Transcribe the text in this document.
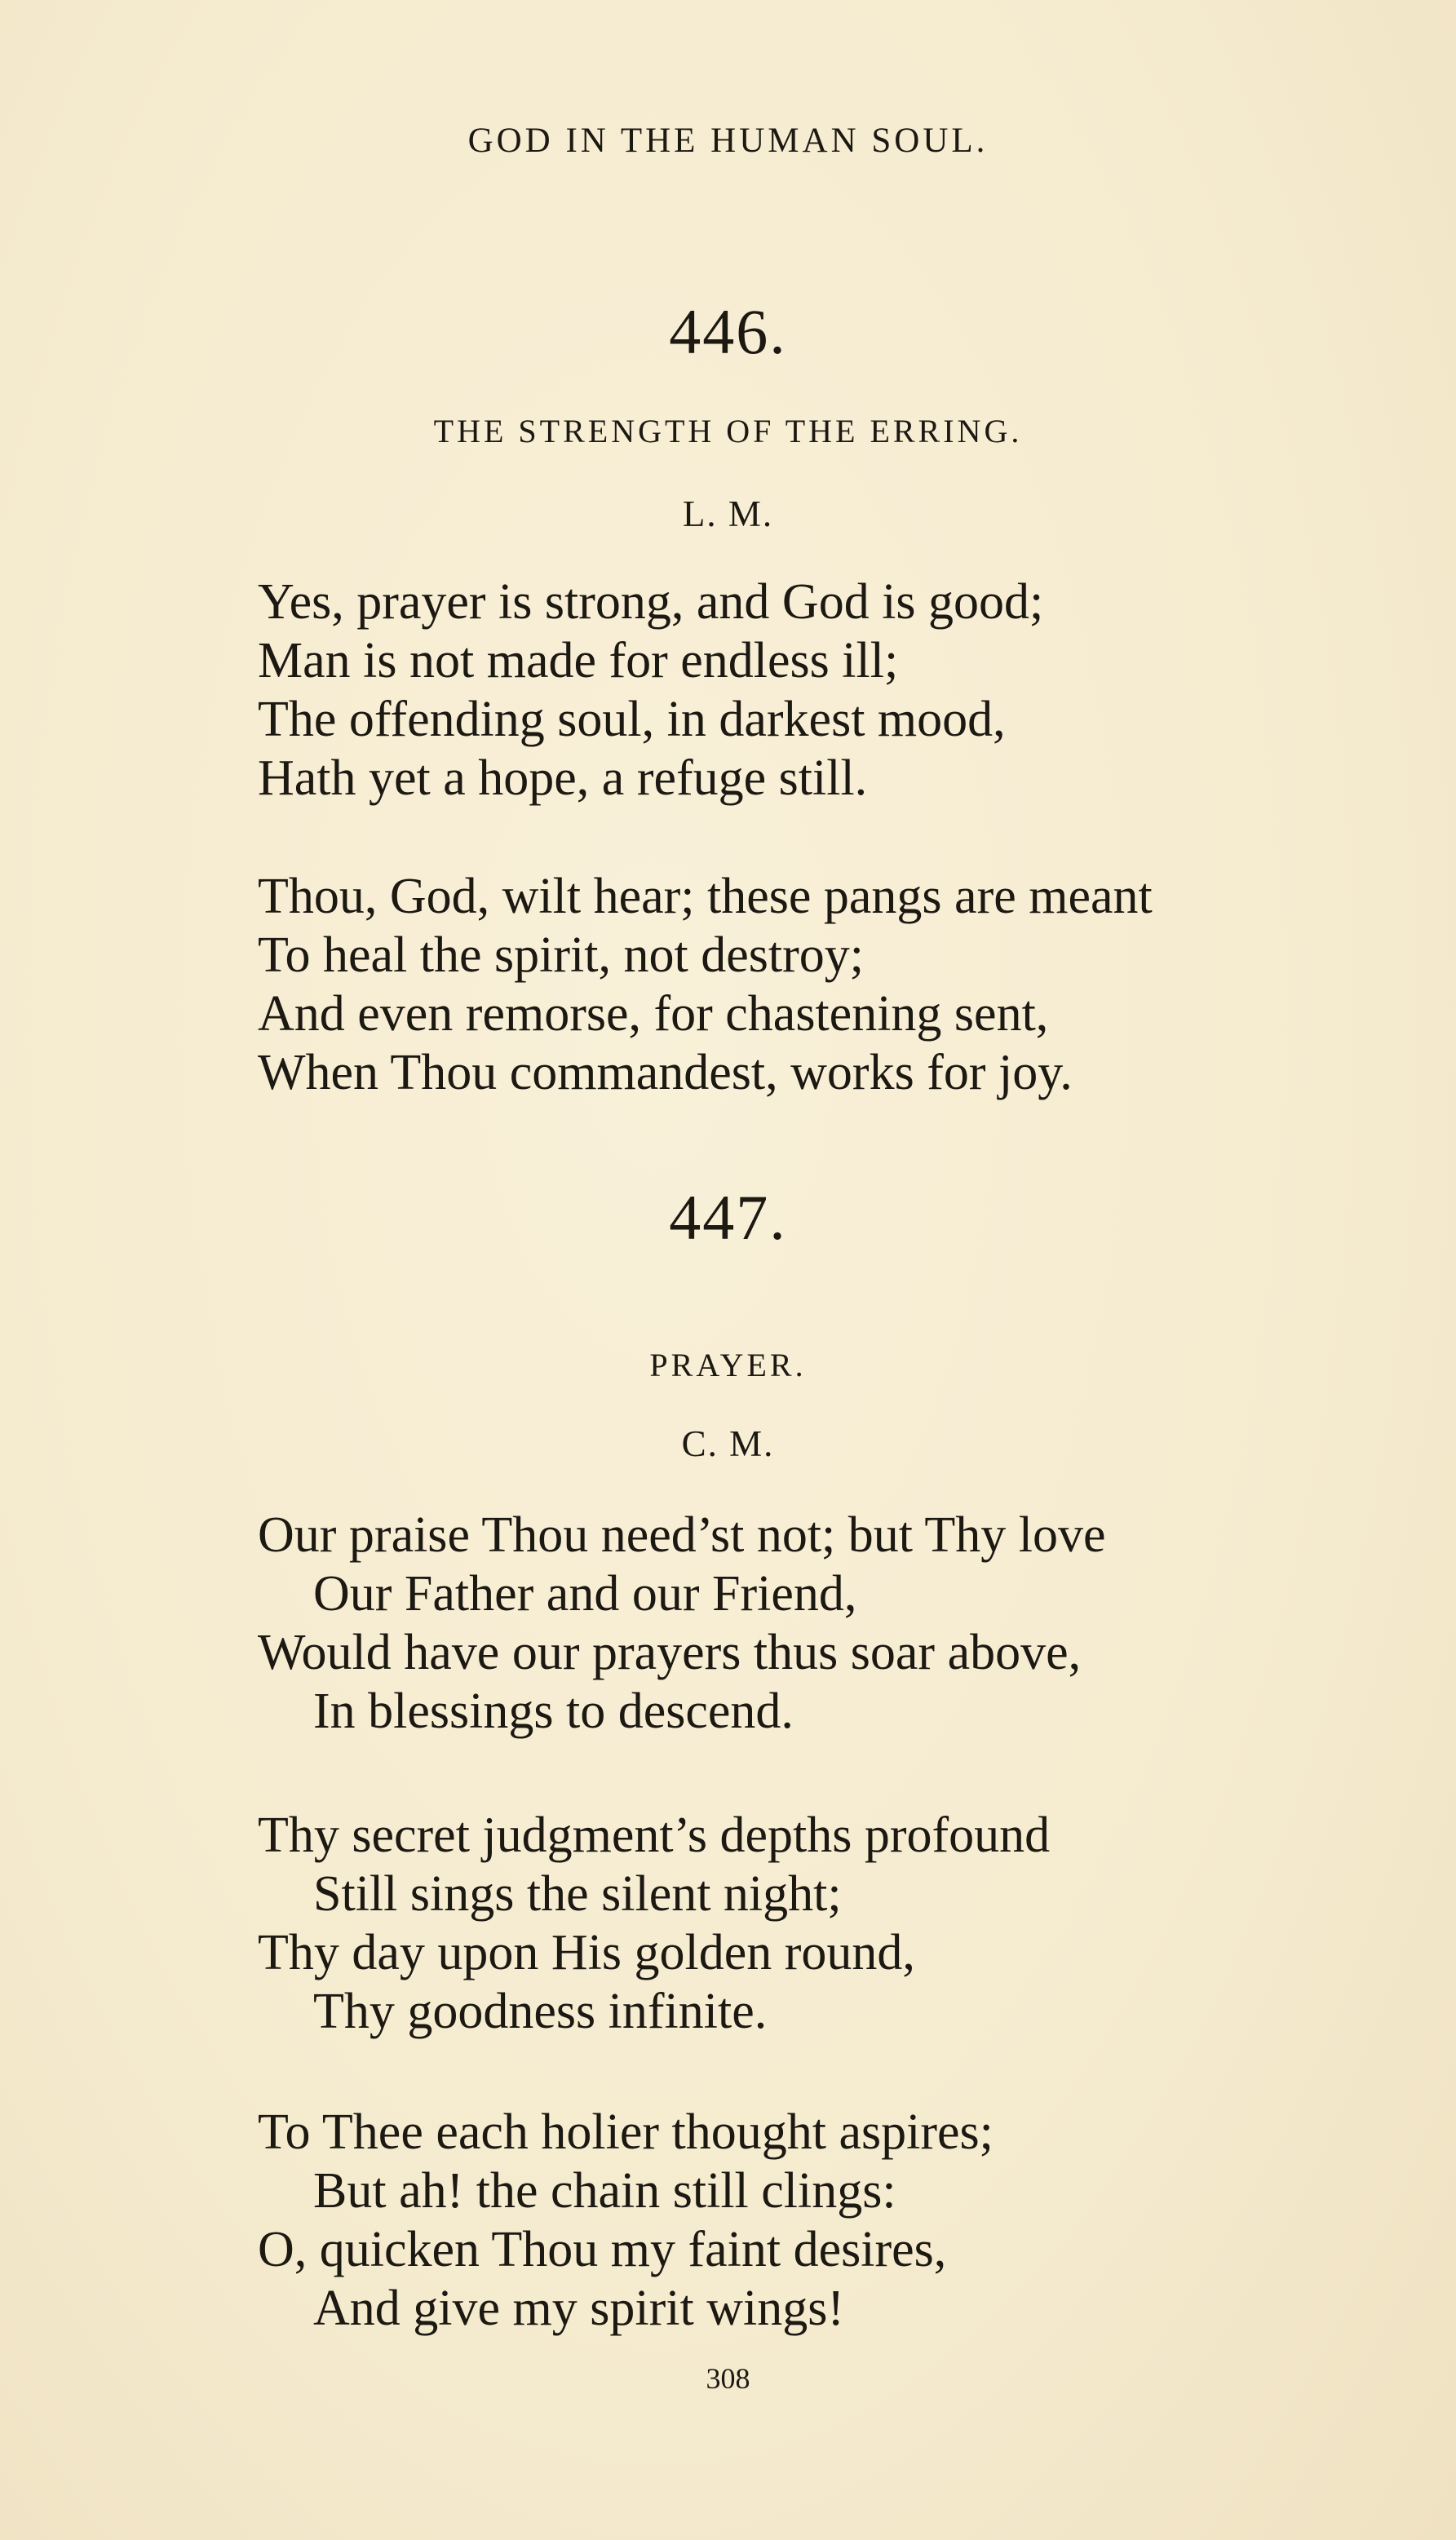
GOD IN THE HUMAN SOUL.
446.
THE STRENGTH OF THE ERRING.
L. M.
Yes, prayer is strong, and God is good;
Man is not made for endless ill;
The offending soul, in darkest mood,
Hath yet a hope, a refuge still.
Thou, God, wilt hear; these pangs are meant
To heal the spirit, not destroy;
And even remorse, for chastening sent,
When Thou commandest, works for joy.
447.
PRAYER.
C. M.
Our praise Thou need’st not; but Thy love
Our Father and our Friend,
Would have our prayers thus soar above,
In blessings to descend.
Thy secret judgment’s depths profound
Still sings the silent night;
Thy day upon His golden round,
Thy goodness infinite.
To Thee each holier thought aspires;
But ah! the chain still clings:
O, quicken Thou my faint desires,
And give my spirit wings!
308
